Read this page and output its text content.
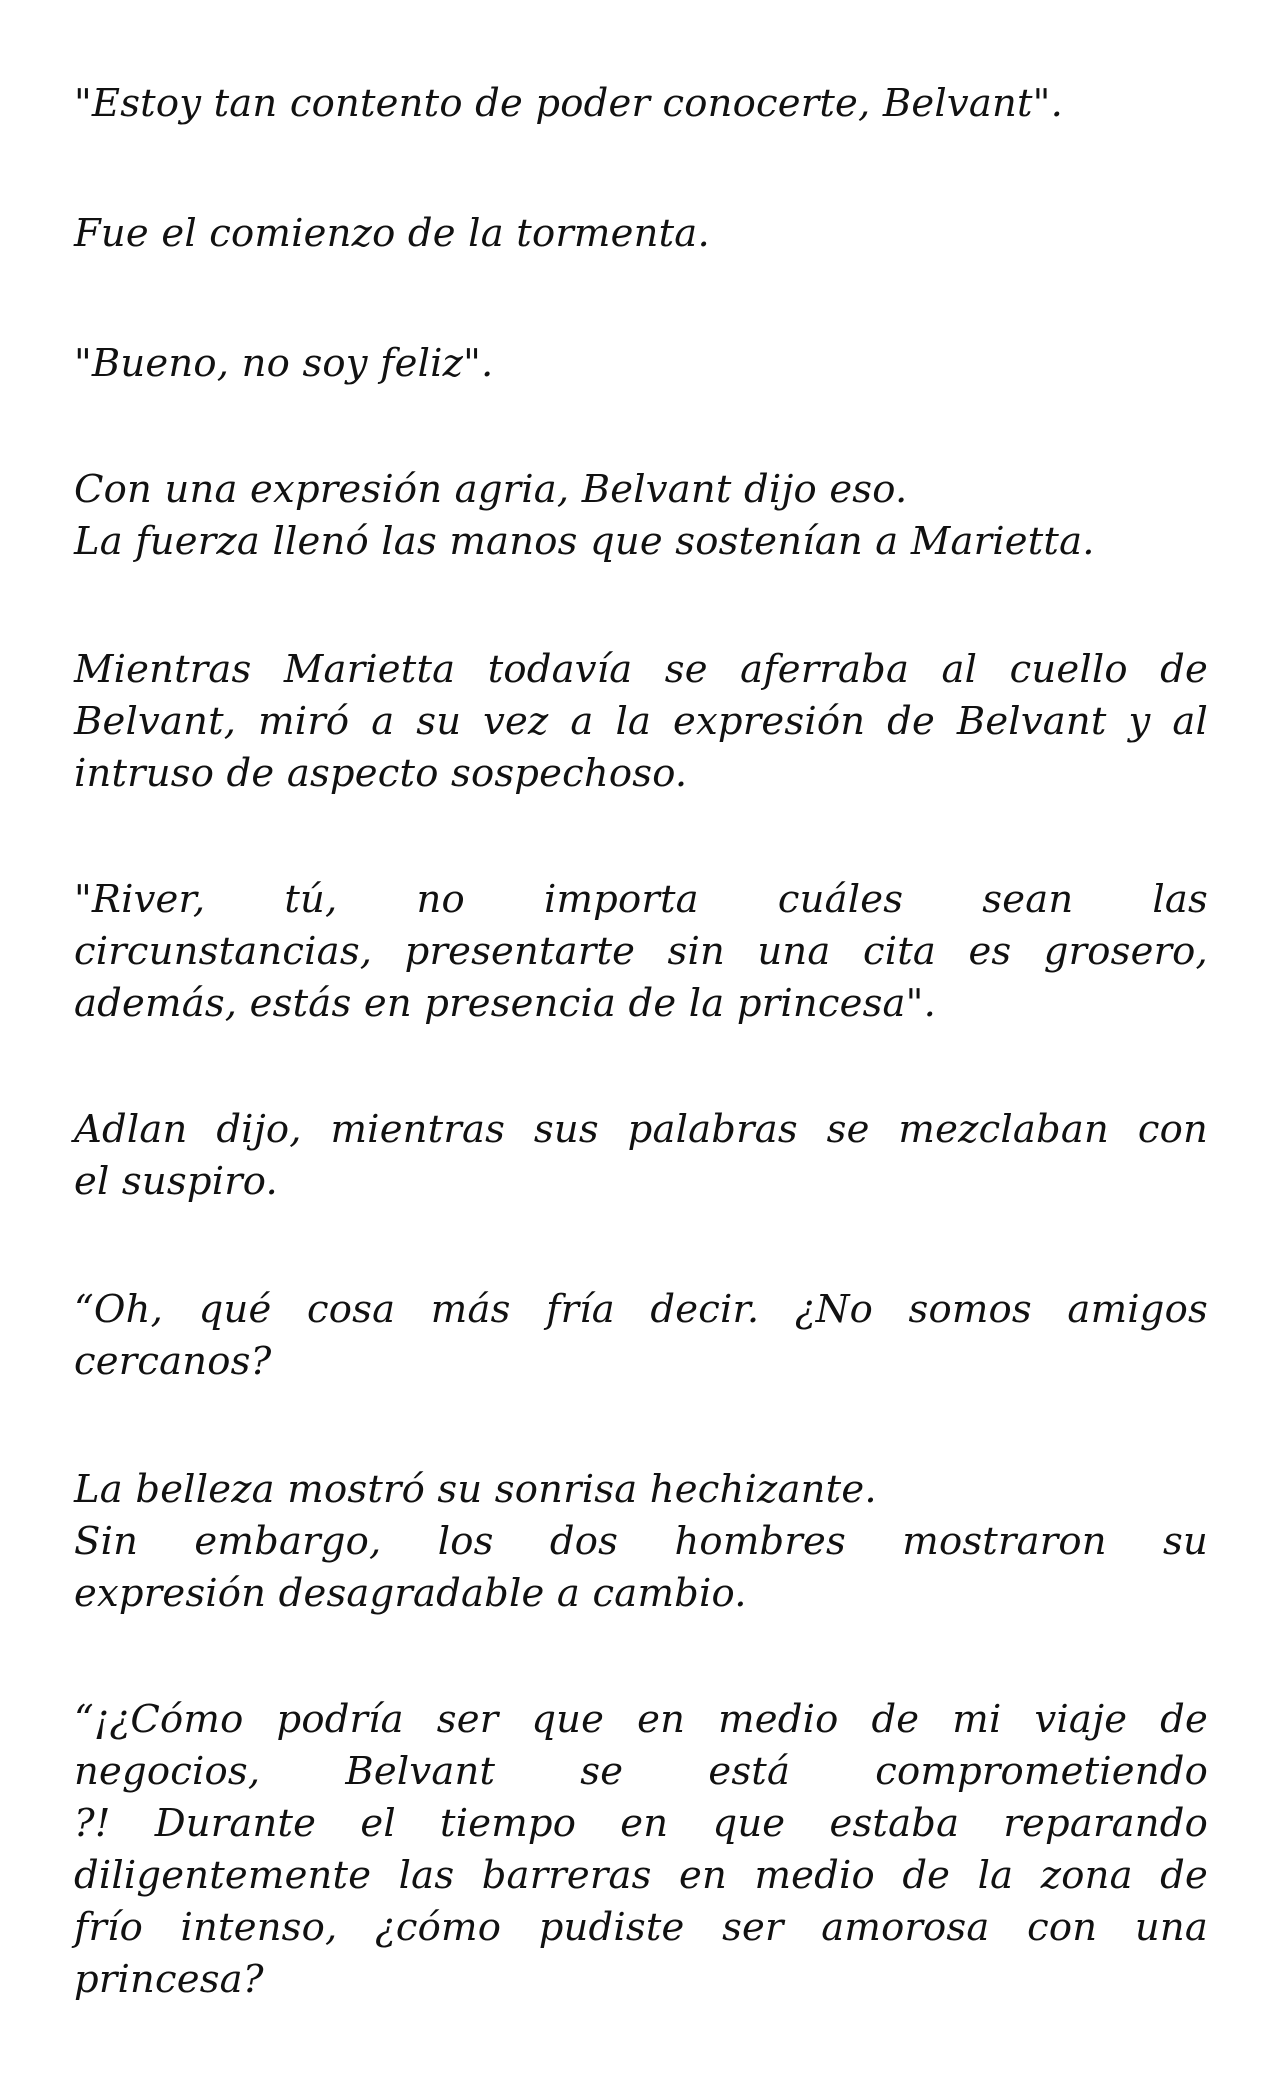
"Estoy tan contento de poder conocerte, Belvant".

Fue el comienzo de la tormenta.

"Bueno, no soy feliz".

Con una expresión agria, Belvant dijo eso.
La fuerza llenó las manos que sostenían a Marietta.

Mientras Marietta todavía se aferraba al cuello de
Belvant, miró a su vez a la expresión de Belvant y al
intruso de aspecto sospechoso.

"River, tú, no importa cuáles sean las
circunstancias, presentarte sin una cita es grosero,
además, estás en presencia de la princesa".

Adlan dijo, mientras sus palabras se mezclaban con
el suspiro.

“Oh, qué cosa más fría decir. ¿No somos amigos
cercanos?

La belleza mostró su sonrisa hechizante.
Sin embargo, los dos hombres mostraron su
expresión desagradable a cambio.

“¡¿Cómo podría ser que en medio de mi viaje de
negocios, Belvant se está comprometiendo
?! Durante el tiempo en que estaba reparando
diligentemente las barreras en medio de la zona de
frío intenso, ¿cómo pudiste ser amorosa con una
princesa?
